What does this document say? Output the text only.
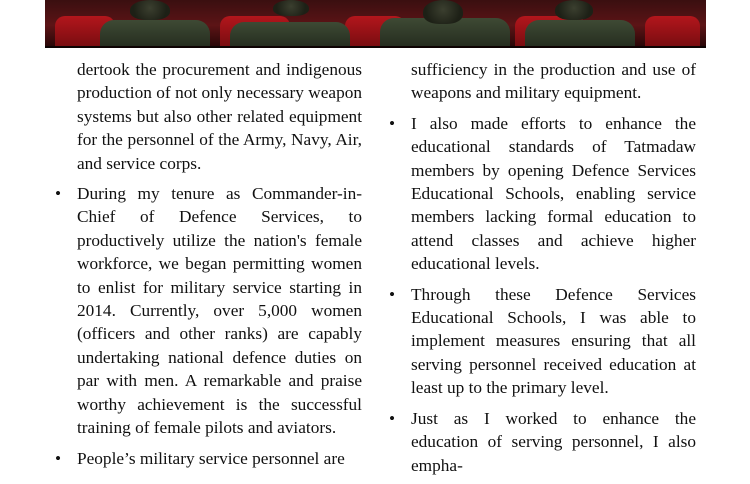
dertook the procurement and indigenous production of not only necessary weapon systems but also other related equipment for the personnel of the Army, Navy, Air, and service corps.

• During my tenure as Commander-in-Chief of Defence Services, to productively utilize the nation's female workforce, we began permitting women to enlist for military service starting in 2014. Currently, over 5,000 women (officers and other ranks) are capably undertaking national defence duties on par with men. A remarkable and praise worthy achievement is the successful training of female pilots and aviators.
• People’s military service personnel are

sufficiency in the production and use of weapons and military equipment.

• I also made efforts to enhance the educational standards of Tatmadaw members by opening Defence Services Educational Schools, enabling service members lacking formal education to attend classes and achieve higher educational levels.
• Through these Defence Services Educational Schools, I was able to implement measures ensuring that all serving personnel received education at least up to the primary level.
• Just as I worked to enhance the education of serving personnel, I also empha-
